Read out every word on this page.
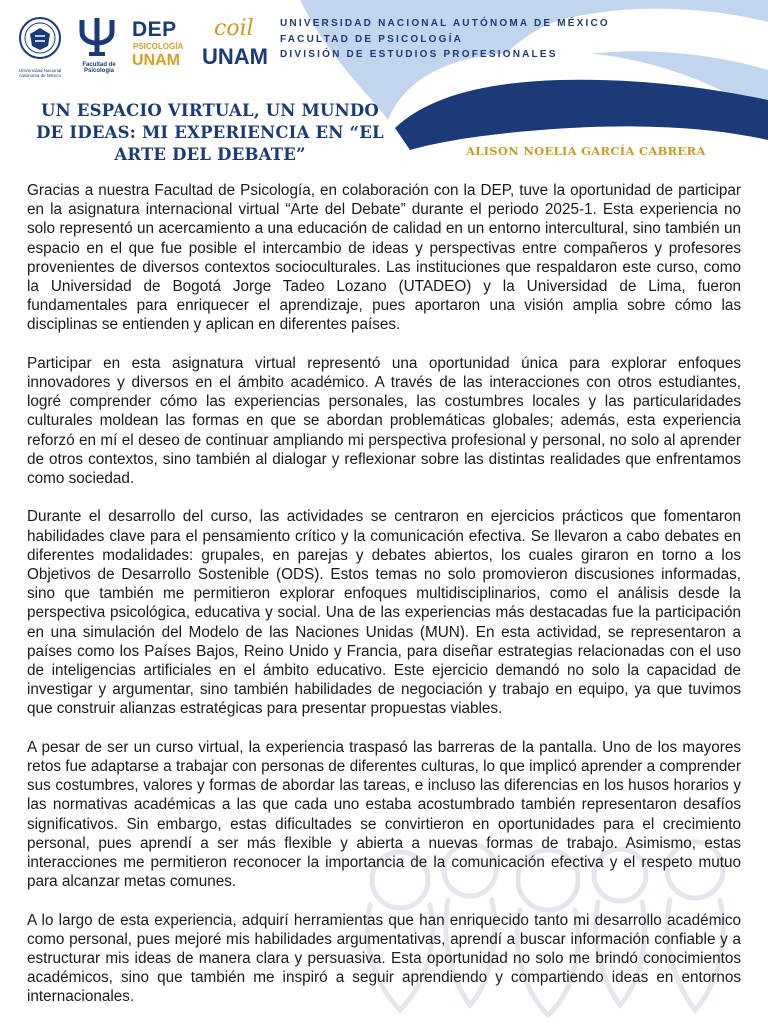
Universidad Nacional Autónoma de México
Facultad de Psicología
DEP
PSICOLOGÍA
UNAM
coil
UNAM
UNIVERSIDAD NACIONAL AUTÓNOMA DE MÉXICO
FACULTAD DE PSICOLOGÍA
DIVISIÓN DE ESTUDIOS PROFESIONALES
UN ESPACIO VIRTUAL, UN MUNDO DE IDEAS: MI EXPERIENCIA EN “EL ARTE DEL DEBATE”	ALISON NOELIA GARCÍA CABRERA

Gracias a nuestra Facultad de Psicología, en colaboración con la DEP, tuve la oportunidad de participar en la asignatura internacional virtual “Arte del Debate” durante el periodo 2025-1. Esta experiencia no solo representó un acercamiento a una educación de calidad en un entorno intercultural, sino también un espacio en el que fue posible el intercambio de ideas y perspectivas entre compañeros y profesores provenientes de diversos contextos socioculturales. Las instituciones que respaldaron este curso, como la Universidad de Bogotá Jorge Tadeo Lozano (UTADEO) y la Universidad de Lima, fueron fundamentales para enriquecer el aprendizaje, pues aportaron una visión amplia sobre cómo las disciplinas se entienden y aplican en diferentes países.

Participar en esta asignatura virtual representó una oportunidad única para explorar enfoques innovadores y diversos en el ámbito académico. A través de las interacciones con otros estudiantes, logré comprender cómo las experiencias personales, las costumbres locales y las particularidades culturales moldean las formas en que se abordan problemáticas globales; además, esta experiencia reforzó en mí el deseo de continuar ampliando mi perspectiva profesional y personal, no solo al aprender de otros contextos, sino también al dialogar y reflexionar sobre las distintas realidades que enfrentamos como sociedad.

Durante el desarrollo del curso, las actividades se centraron en ejercicios prácticos que fomentaron habilidades clave para el pensamiento crítico y la comunicación efectiva. Se llevaron a cabo debates en diferentes modalidades: grupales, en parejas y debates abiertos, los cuales giraron en torno a los Objetivos de Desarrollo Sostenible (ODS). Estos temas no solo promovieron discusiones informadas, sino que también me permitieron explorar enfoques multidisciplinarios, como el análisis desde la perspectiva psicológica, educativa y social. Una de las experiencias más destacadas fue la participación en una simulación del Modelo de las Naciones Unidas (MUN). En esta actividad, se representaron a países como los Países Bajos, Reino Unido y Francia, para diseñar estrategias relacionadas con el uso de inteligencias artificiales en el ámbito educativo. Este ejercicio demandó no solo la capacidad de investigar y argumentar, sino también habilidades de negociación y trabajo en equipo, ya que tuvimos que construir alianzas estratégicas para presentar propuestas viables.

A pesar de ser un curso virtual, la experiencia traspasó las barreras de la pantalla. Uno de los mayores retos fue adaptarse a trabajar con personas de diferentes culturas, lo que implicó aprender a comprender sus costumbres, valores y formas de abordar las tareas, e incluso las diferencias en los husos horarios y las normativas académicas a las que cada uno estaba acostumbrado también representaron desafíos significativos. Sin embargo, estas dificultades se convirtieron en oportunidades para el crecimiento personal, pues aprendí a ser más flexible y abierta a nuevas formas de trabajo. Asimismo, estas interacciones me permitieron reconocer la importancia de la comunicación efectiva y el respeto mutuo para alcanzar metas comunes.

A lo largo de esta experiencia, adquirí herramientas que han enriquecido tanto mi desarrollo académico como personal, pues mejoré mis habilidades argumentativas, aprendí a buscar información confiable y a estructurar mis ideas de manera clara y persuasiva. Esta oportunidad no solo me brindó conocimientos académicos, sino que también me inspiró a seguir aprendiendo y compartiendo ideas en entornos internacionales.
